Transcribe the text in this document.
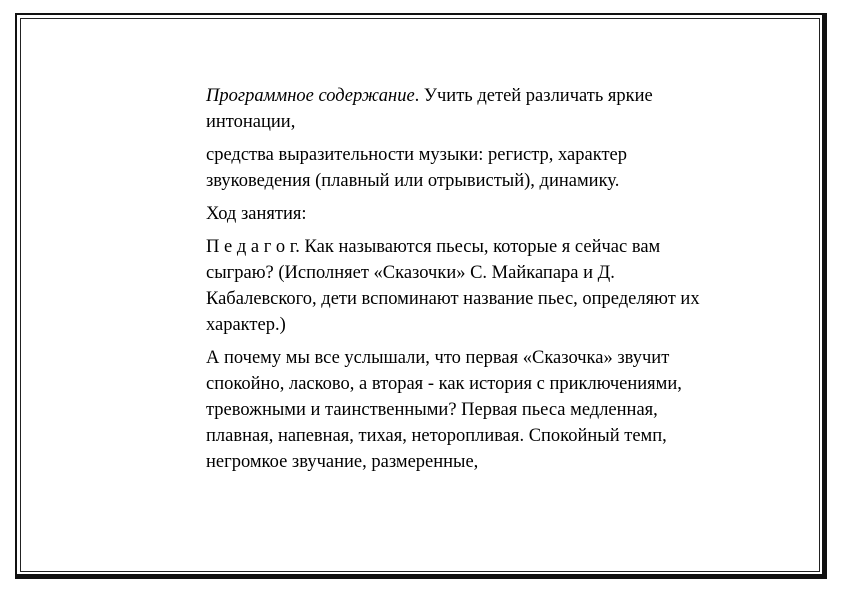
Программное содержание. Учить детей различать яркие интонации,

средства выразительности музыки: регистр, характер звуковедения (плавный или отрывистый), динамику.

Ход занятия:

П е д а г о г. Как называются пьесы, которые я сейчас вам сыграю? (Исполняет «Сказочки» С. Майкапара и Д. Кабалевского, дети вспоминают название пьес, определяют их характер.)

А почему мы все услышали, что первая «Сказочка» звучит спокойно, ласково, а вторая - как история с приключениями, тревожными и таинственными? Первая пьеса медленная, плавная, напевная, тихая, неторопливая. Спокойный темп, негромкое звучание, размеренные,
